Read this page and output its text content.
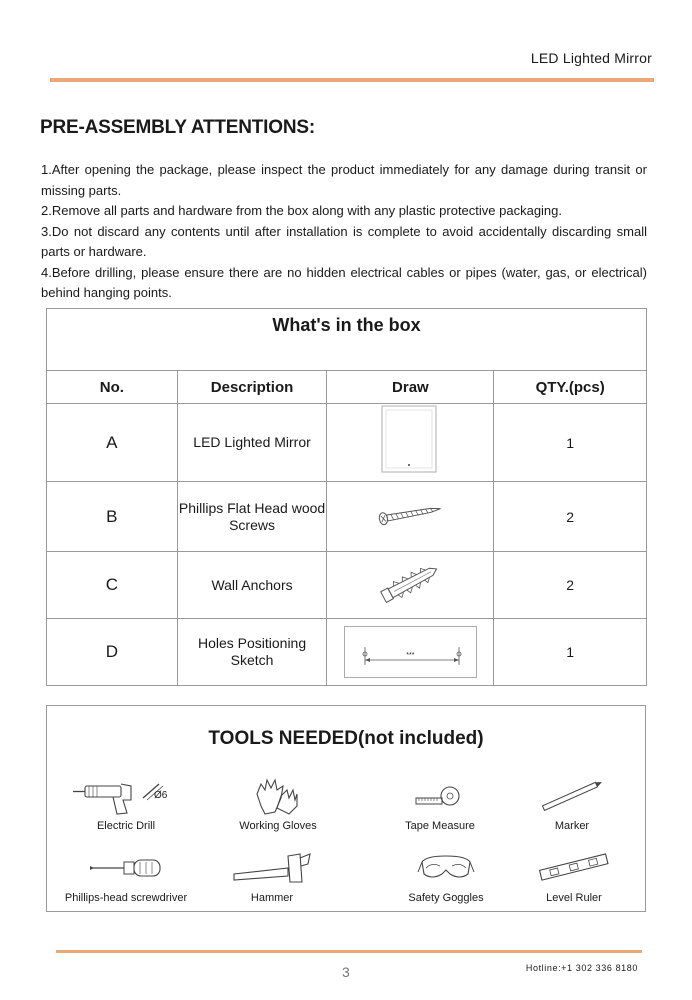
LED Lighted Mirror
PRE-ASSEMBLY ATTENTIONS:

1.After opening the package, please inspect the product immediately for any damage during transit or missing parts.

2.Remove all parts and hardware from the box along with any plastic protective packaging.

3.Do not discard any contents until after installation is complete to avoid accidentally discarding small parts or hardware.

4.Before drilling, please ensure there are no hidden electrical cables or pipes (water, gas, or electrical) behind hanging points.

What's in the box			
No.	Description	Draw	QTY.(pcs)
A	LED Lighted Mirror		1
B	Phillips Flat Head wood Screws		2
C	Wall Anchors		2
D	Holes Positioning Sketch	***	1
TOOLS NEEDED(not included)
Ø6
Electric Drill	Working Gloves	Tape Measure	Marker
Phillips-head screwdriver	Hammer	Safety Goggles	Level Ruler
3	Hotline:+1 302 336 8180
